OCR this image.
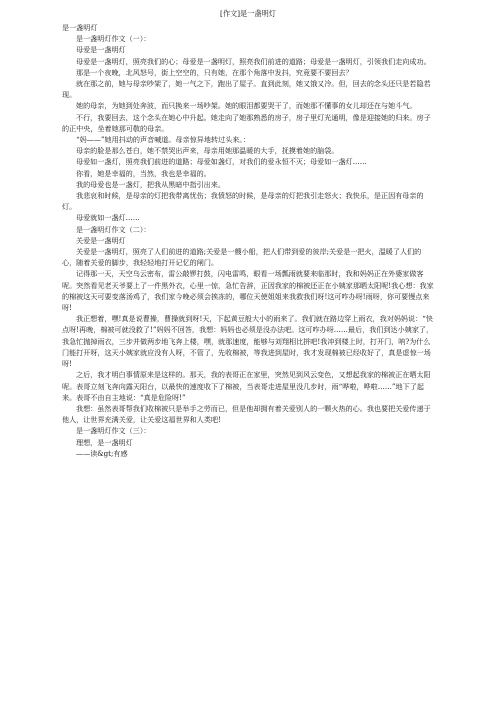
[作文]是一盏明灯

是一盏明灯

是一盏明灯作文（一）：

母爱是一盏明灯

母爱是一盏明灯，照亮我们的心；母爱是一盏明灯，照亮我们前进的道路；母爱是一盏明灯，引领我们走向成功。

那是一个夜晚，北风怒号，街上空空的，只有她，在那个角落中发抖，究竟要不要回去？

就在那之前，她与母亲吵架了，她一气之下，跑出了屋子。直到此刻，她又饿又冷。但，回去的念头还只是若隐若现。

她的母亲，为她到处奔波，而只换来一场吵架。她的眼泪都要哭干了，而她那不懂事的女儿却还在与她斗气。

不行，我要回去，这个念头在她心中升起。她走向了她那熟悉的房子，房子里灯光通明，像是迎接她的归来。房子的正中央，坐着她那可敬的母亲。

“妈——”她用抖动的声音喊道。母亲惊异地转过头来。：

母亲的脸是那么苍白，她不禁哭出声来，母亲用她那温暖的大手，抚摸着她的脑袋。

母爱如一盏灯，照亮我们前进的道路；母爱如盏灯，对我们的爱永恒不灭；母爱如一盏灯……

你看，她是幸福的，当然，我也是幸福的。

我的母爱也是一盏灯，把我从黑暗中指引出来。

我悲哀和时候，是母亲的灯把我带离忧伤；我愤怒的时候，是母亲的灯把我引走怒火；我快乐，是正因有母亲的灯。

母爱就如一盏灯……

是一盏明灯作文（二）：

关爱是一盏明灯

关爱是一盏明灯，照亮了人们前进的道路;关爱是一艘小船，把人们带到爱的彼岸;关爱是一把火，温暖了人们的心，随着关爱的脚步，我轻轻地打开记忆的闸门。

记得那一天，天空乌云密布，雷公敲锣打鼓，闪电雷鸣，眼看一场瓢雨就要来临那时，我和妈妈正在外婆家做客呢。突然看见老天爷要上了一件黑外衣，心里一惊，急忙告辞，正因我家的棉被还正在小姨家那晒太阳呢!我心想：我家的棉被这天可要变落汤鸡了，我们家今晚必须会挨冻的，哪位天使姐姐来我救我们呀!这可咋办呀!雨呀，你可要慢点来呀!

我正想着，嘿!真是说曹操，曹操就到呀!天，下起黄豆般大小的雨来了。我们就在路边穿上雨衣，我对妈妈说：“快点呀!再晚，棉被可就没救了!”妈妈不回答，我想：妈妈也必须是没办法吧。这可咋办呀……最后，我们到达小姨家了，我急忙抛掉雨衣，三步并做两步地飞奔上楼，嘿，就那速度，能够与刘翔相比拼吧!我冲到楼上时，打开门，呐?为什么门能打开呀，这天小姨家就应没有人呀，不管了，先收棉被，等我进到屋时，我才发现棉被已经收好了，真是虚惊一场呀!

之后，我才明白事情原来是这样的。那天，我的表哥正在家里，突然见到风云变色，又想起我家的棉被正在晒太阳呢。表哥立刻飞奔向露天阳台，以最快的速度收下了棉被，当表哥走进屋里没几步时，雨“哗啦，哗啦……”地下了起来。表哥不由自主地说：“真是危险呀!”

我想：虽然表哥帮我们收棉被只是举手之劳而已，但是他却拥有着关爱别人的一颗火热的心。我也要把关爱传递于他人，让世界充满关爱，让关爱这福世界和人类吧!

是一盏明灯作文（三）：

理想，是一盏明灯

——读&gt;有感
